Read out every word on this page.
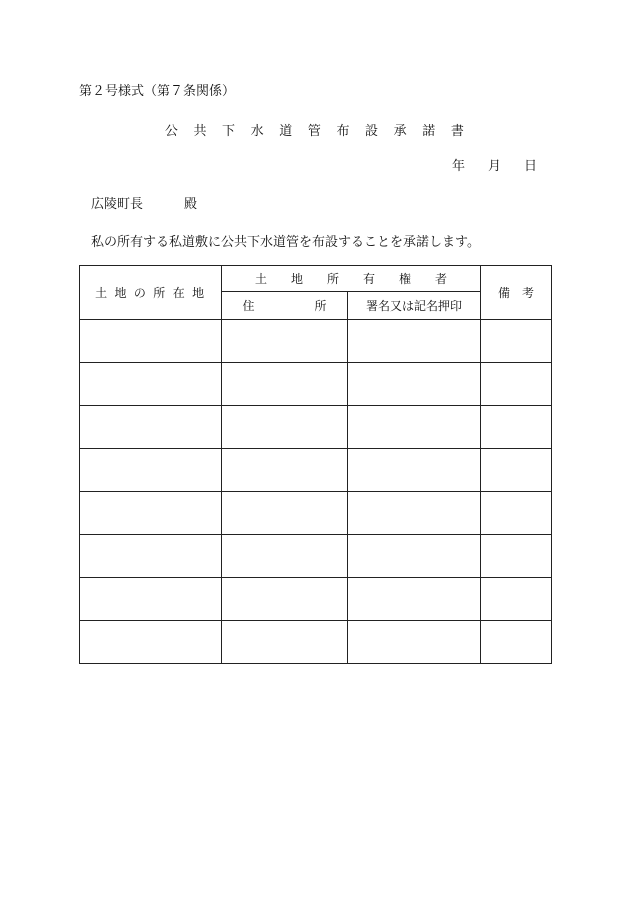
第２号様式（第７条関係）
公　共　下　水　道　管　布　設　承　諾　書
年 月 日
広陵町長	殿
私の所有する私道敷に公共下水道管を布設することを承諾します。
土 地 の 所 在 地	土　　地　　所　　有　　権　　者		備　考
	住　　　　　所	署名又は記名押印	
